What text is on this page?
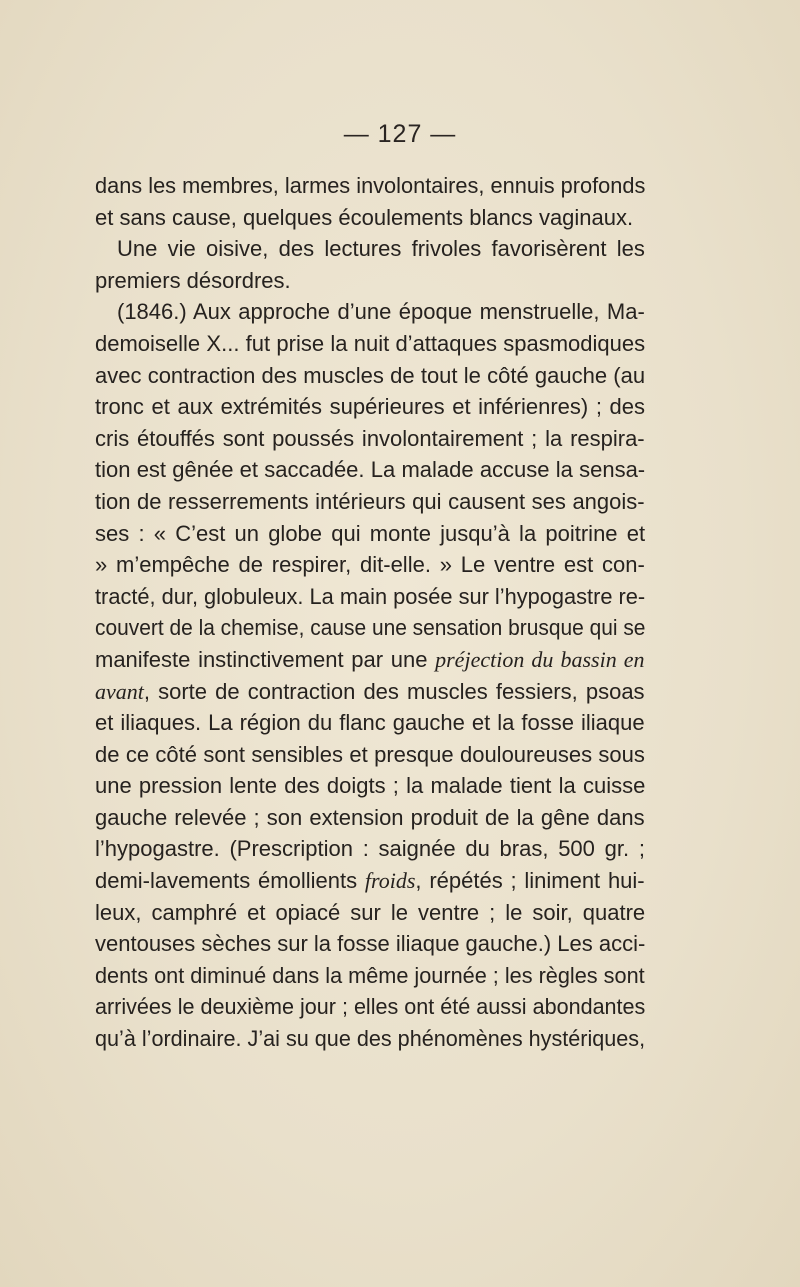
— 127 —
dans les membres, larmes involontaires, ennuis profonds
et sans cause, quelques écoulements blancs vaginaux.
Une vie oisive, des lectures frivoles favorisèrent les
premiers désordres.
(1846.) Aux approche d’une époque menstruelle, Ma-
demoiselle X... fut prise la nuit d’attaques spasmodiques
avec contraction des muscles de tout le côté gauche (au
tronc et aux extrémités supérieures et inférienres) ; des
cris étouffés sont poussés involontairement ; la respira-
tion est gênée et saccadée. La malade accuse la sensa-
tion de resserrements intérieurs qui causent ses angois-
ses : « C’est un globe qui monte jusqu’à la poitrine et
» m’empêche de respirer, dit-elle. » Le ventre est con-
tracté, dur, globuleux. La main posée sur l’hypogastre re-
couvert de la chemise, cause une sensation brusque qui se
manifeste instinctivement par une préjection du bassin en
avant, sorte de contraction des muscles fessiers, psoas
et iliaques. La région du flanc gauche et la fosse iliaque
de ce côté sont sensibles et presque douloureuses sous
une pression lente des doigts ; la malade tient la cuisse
gauche relevée ; son extension produit de la gêne dans
l’hypogastre. (Prescription : saignée du bras, 500 gr. ;
demi-lavements émollients froids, répétés ; liniment hui-
leux, camphré et opiacé sur le ventre ; le soir, quatre
ventouses sèches sur la fosse iliaque gauche.) Les acci-
dents ont diminué dans la même journée ; les règles sont
arrivées le deuxième jour ; elles ont été aussi abondantes
qu’à l’ordinaire. J’ai su que des phénomènes hystériques,
